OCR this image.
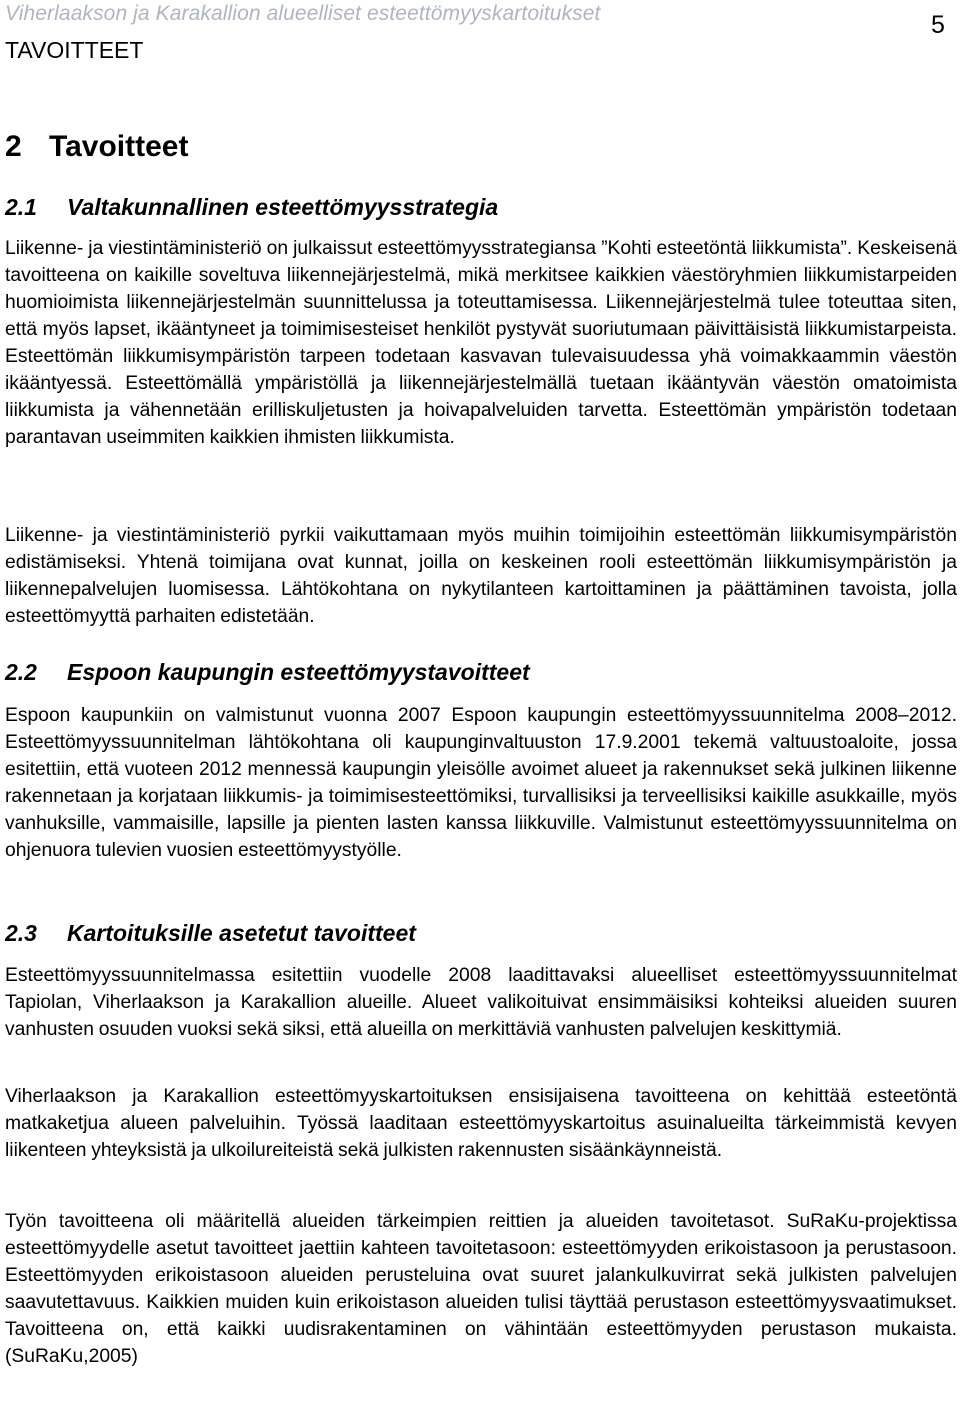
Viherlaakson ja Karakallion alueelliset esteettömyyskartoitukset	5
TAVOITTEET
2 Tavoitteet
2.1 Valtakunnallinen esteettömyysstrategia

Liikenne- ja viestintäministeriö on julkaissut esteettömyysstrategiansa ”Kohti esteetöntä liikkumista”. Keskeisenä tavoitteena on kaikille soveltuva liikennejärjestelmä, mikä merkitsee kaikkien väestöryhmien liikkumistarpeiden huomioimista liikennejärjestelmän suunnittelussa ja toteuttamisessa. Liikennejärjestelmä tulee toteuttaa siten, että myös lapset, ikääntyneet ja toimimisesteiset henkilöt pystyvät suoriutumaan päivittäisistä liikkumistarpeista. Esteettömän liikkumisympäristön tarpeen todetaan kasvavan tulevaisuudessa yhä voimakkaammin väestön ikääntyessä. Esteettömällä ympäristöllä ja liikennejärjestelmällä tuetaan ikääntyvän väestön omatoimista liikkumista ja vähennetään erilliskuljetusten ja hoivapalveluiden tarvetta. Esteettömän ympäristön todetaan parantavan useimmiten kaikkien ihmisten liikkumista.

Liikenne- ja viestintäministeriö pyrkii vaikuttamaan myös muihin toimijoihin esteettömän liikkumisympäristön edistämiseksi. Yhtenä toimijana ovat kunnat, joilla on keskeinen rooli esteettömän liikkumisympäristön ja liikennepalvelujen luomisessa. Lähtökohtana on nykytilanteen kartoittaminen ja päättäminen tavoista, jolla esteettömyyttä parhaiten edistetään.

2.2 Espoon kaupungin esteettömyystavoitteet

Espoon kaupunkiin on valmistunut vuonna 2007 Espoon kaupungin esteettömyyssuunnitelma 2008–2012. Esteettömyyssuunnitelman lähtökohtana oli kaupunginvaltuuston 17.9.2001 tekemä valtuustoaloite, jossa esitettiin, että vuoteen 2012 mennessä kaupungin yleisölle avoimet alueet ja rakennukset sekä julkinen liikenne rakennetaan ja korjataan liikkumis- ja toimimisesteettömiksi, turvallisiksi ja terveellisiksi kaikille asukkaille, myös vanhuksille, vammaisille, lapsille ja pienten lasten kanssa liikkuville. Valmistunut esteettömyyssuunnitelma on ohjenuora tulevien vuosien esteettömyystyölle.

2.3 Kartoituksille asetetut tavoitteet

Esteettömyyssuunnitelmassa esitettiin vuodelle 2008 laadittavaksi alueelliset esteettömyyssuunnitelmat Tapiolan, Viherlaakson ja Karakallion alueille. Alueet valikoituivat ensimmäisiksi kohteiksi alueiden suuren vanhusten osuuden vuoksi sekä siksi, että alueilla on merkittäviä vanhusten palvelujen keskittymiä.

Viherlaakson ja Karakallion esteettömyyskartoituksen ensisijaisena tavoitteena on kehittää esteetöntä matkaketjua alueen palveluihin. Työssä laaditaan esteettömyyskartoitus asuinalueilta tärkeimmistä kevyen liikenteen yhteyksistä ja ulkoilureiteistä sekä julkisten rakennusten sisäänkäynneistä.

Työn tavoitteena oli määritellä alueiden tärkeimpien reittien ja alueiden tavoitetasot. SuRaKu-projektissa esteettömyydelle asetut tavoitteet jaettiin kahteen tavoitetasoon: esteettömyyden erikoistasoon ja perustasoon. Esteettömyyden erikoistasoon alueiden perusteluina ovat suuret jalankulkuvirrat sekä julkisten palvelujen saavutettavuus. Kaikkien muiden kuin erikoistason alueiden tulisi täyttää perustason esteettömyysvaatimukset. Tavoitteena on, että kaikki uudisrakentaminen on vähintään esteettömyyden perustason mukaista. (SuRaKu,2005)
